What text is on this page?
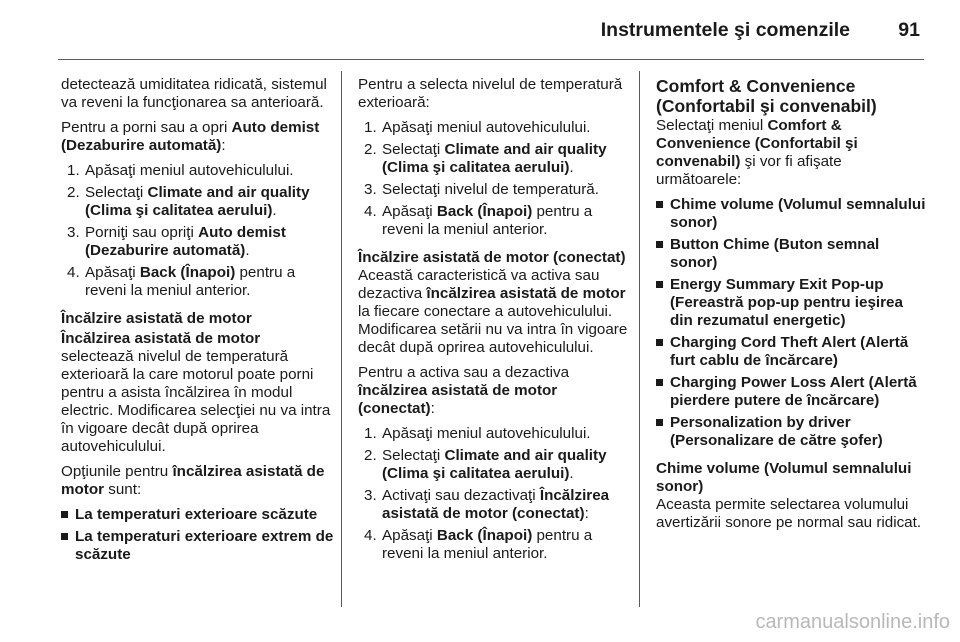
Instrumentele şi comenzile 91

detectează umiditatea ridicată, sistemul va reveni la funcţionarea sa anterioară.

Pentru a porni sau a opri Auto demist (Dezaburire automată):

1. Apăsaţi meniul autovehiculului.
2. Selectaţi Climate and air quality (Clima şi calitatea aerului).
3. Porniţi sau opriţi Auto demist (Dezaburire automată).
4. Apăsaţi Back (Înapoi) pentru a reveni la meniul anterior.

Încălzire asistată de motor

Încălzirea asistată de motor

selectează nivelul de temperatură exterioară la care motorul poate porni pentru a asista încălzirea în modul electric. Modificarea selecţiei nu va intra în vigoare decât după oprirea autovehiculului.

Opţiunile pentru încălzirea asistată de motor sunt:

La temperaturi exterioare scăzute
La temperaturi exterioare extrem de scăzute

Pentru a selecta nivelul de temperatură exterioară:

1. Apăsaţi meniul autovehiculului.
2. Selectaţi Climate and air quality (Clima şi calitatea aerului).
3. Selectaţi nivelul de temperatură.
4. Apăsaţi Back (Înapoi) pentru a reveni la meniul anterior.

Încălzire asistată de motor (conectat)

Această caracteristică va activa sau dezactiva încălzirea asistată de motor la fiecare conectare a autovehiculului. Modificarea setării nu va intra în vigoare decât după oprirea autovehiculului.

Pentru a activa sau a dezactiva încălzirea asistată de motor (conectat):

1. Apăsaţi meniul autovehiculului.
2. Selectaţi Climate and air quality (Clima şi calitatea aerului).
3. Activaţi sau dezactivaţi Încălzirea asistată de motor (conectat):
4. Apăsaţi Back (Înapoi) pentru a reveni la meniul anterior.

Comfort & Convenience (Confortabil şi convenabil)

Selectaţi meniul Comfort & Convenience (Confortabil şi convenabil) şi vor fi afişate următoarele:

Chime volume (Volumul semnalului sonor)
Button Chime (Buton semnal sonor)
Energy Summary Exit Pop-up (Fereastră pop-up pentru ieşirea din rezumatul energetic)
Charging Cord Theft Alert (Alertă furt cablu de încărcare)
Charging Power Loss Alert (Alertă pierdere putere de încărcare)
Personalization by driver (Personalizare de către şofer)

Chime volume (Volumul semnalului sonor)

Aceasta permite selectarea volumului avertizării sonore pe normal sau ridicat.

carmanualsonline.info
